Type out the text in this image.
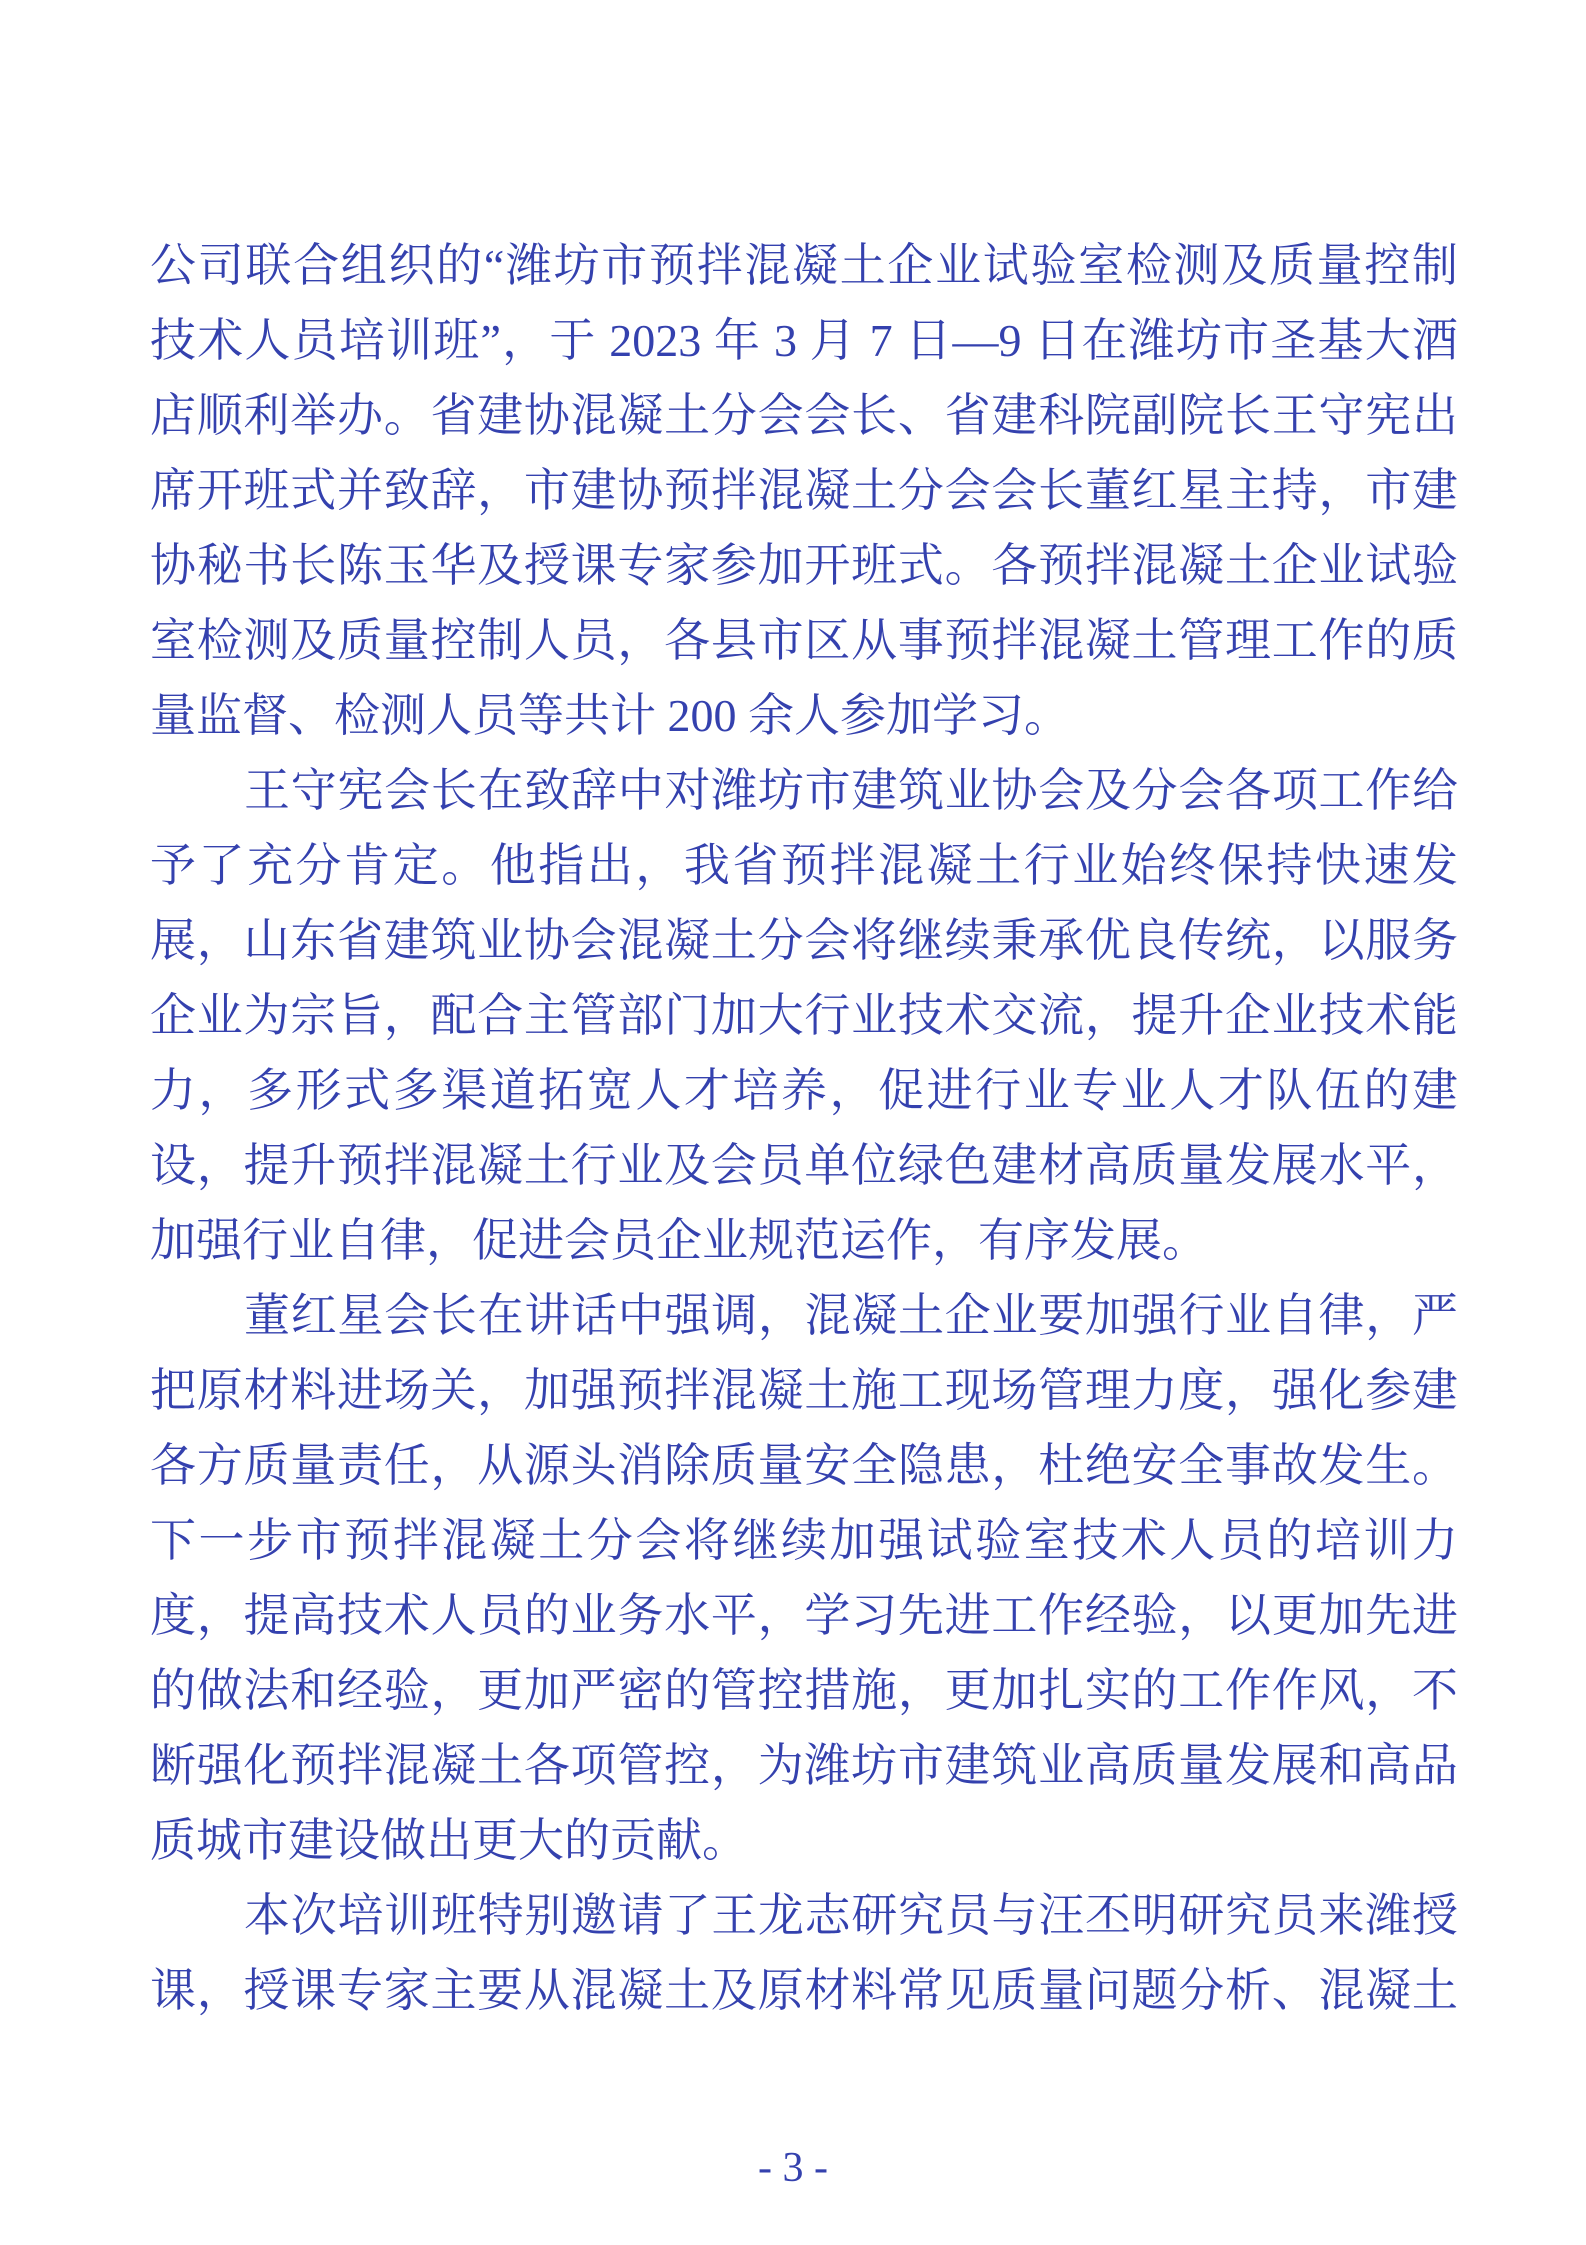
公司联合组织的“潍坊市预拌混凝土企业试验室检测及质量控制
技术人员培训班”，于 2023 年 3 月 7 日—9 日在潍坊市圣基大酒
店顺利举办。省建协混凝土分会会长、省建科院副院长王守宪出
席开班式并致辞，市建协预拌混凝土分会会长董红星主持，市建
协秘书长陈玉华及授课专家参加开班式。各预拌混凝土企业试验
室检测及质量控制人员，各县市区从事预拌混凝土管理工作的质
量监督、检测人员等共计 200 余人参加学习。
王守宪会长在致辞中对潍坊市建筑业协会及分会各项工作给
予了充分肯定。他指出，我省预拌混凝土行业始终保持快速发
展，山东省建筑业协会混凝土分会将继续秉承优良传统，以服务
企业为宗旨，配合主管部门加大行业技术交流，提升企业技术能
力，多形式多渠道拓宽人才培养，促进行业专业人才队伍的建
设，提升预拌混凝土行业及会员单位绿色建材高质量发展水平，
加强行业自律，促进会员企业规范运作，有序发展。
董红星会长在讲话中强调，混凝土企业要加强行业自律，严
把原材料进场关，加强预拌混凝土施工现场管理力度，强化参建
各方质量责任，从源头消除质量安全隐患，杜绝安全事故发生。
下一步市预拌混凝土分会将继续加强试验室技术人员的培训力
度，提高技术人员的业务水平，学习先进工作经验，以更加先进
的做法和经验，更加严密的管控措施，更加扎实的工作作风，不
断强化预拌混凝土各项管控，为潍坊市建筑业高质量发展和高品
质城市建设做出更大的贡献。
本次培训班特别邀请了王龙志研究员与汪丕明研究员来潍授
课，授课专家主要从混凝土及原材料常见质量问题分析、混凝土
- 3 -
